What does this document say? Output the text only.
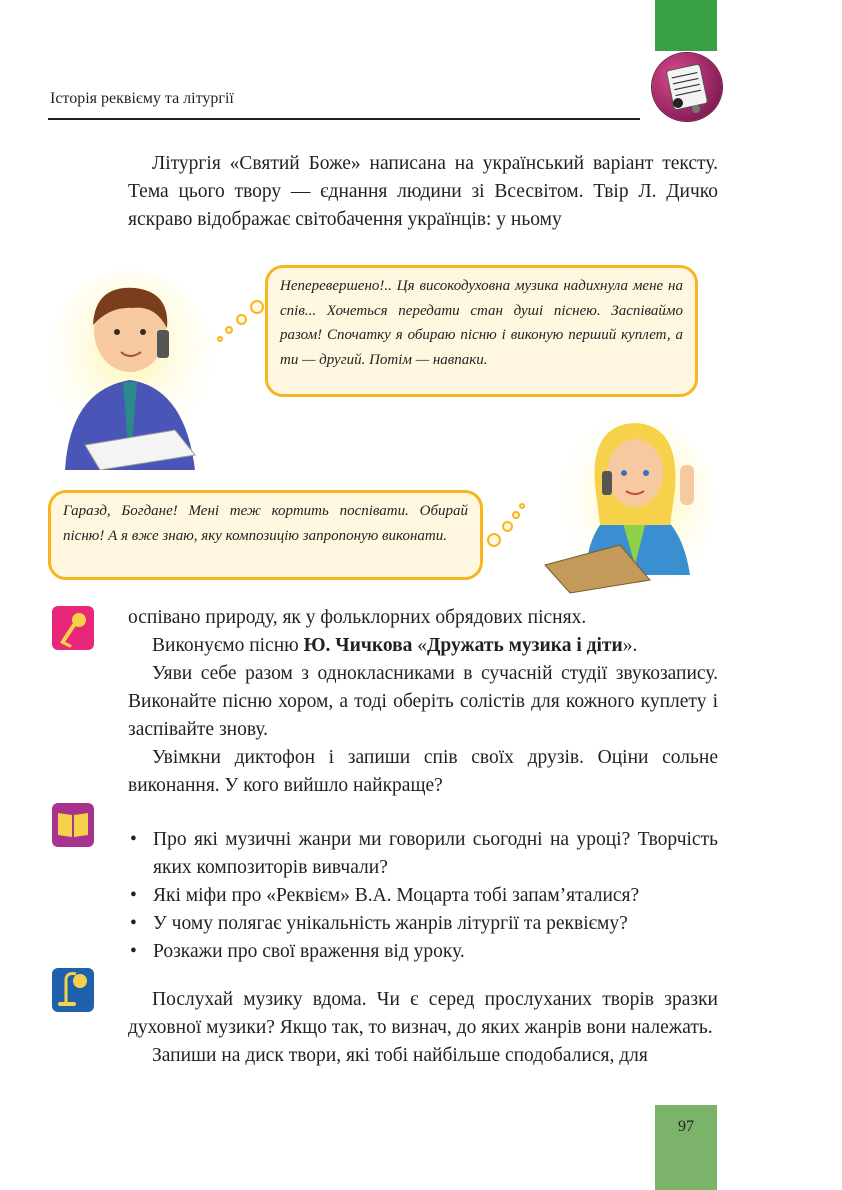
Історія реквієму та літургії

Літургія «Святий Боже» написана на український варіант тексту. Тема цього твору — єднання людини зі Всесвітом. Твір Л. Дичко яскраво відображає світобачення українців: у ньому

Неперевершено!.. Ця високодуховна музика надихнула мене на спів... Хочеться передати стан душі піснею. Заспіваймо разом! Спочатку я обираю пісню і виконую перший куплет, а ти — другий. Потім — навпаки.
Гаразд, Богдане! Мені теж кортить поспівати. Обирай пісню! А я вже знаю, яку композицію запропоную виконати.

оспівано природу, як у фольклорних обрядових піснях.

Виконуємо пісню Ю. Чичкова «Дружать музика і діти».

Уяви себе разом з однокласниками в сучасній студії звукозапису. Виконайте пісню хором, а тоді оберіть солістів для кожного куплету і заспівайте знову.

Увімкни диктофон і запиши спів своїх друзів. Оціни сольне виконання. У кого вийшло найкраще?

• Про які музичні жанри ми говорили сьогодні на уроці? Творчість яких композиторів вивчали?
• Які міфи про «Реквієм» В.А. Моцарта тобі запам’яталися?
• У чому полягає унікальність жанрів літургії та реквієму?
• Розкажи про свої враження від уроку.

Послухай музику вдома. Чи є серед прослуханих творів зразки духовної музики? Якщо так, то визнач, до яких жанрів вони належать.

Запиши на диск твори, які тобі найбільше сподобалися, для

97
